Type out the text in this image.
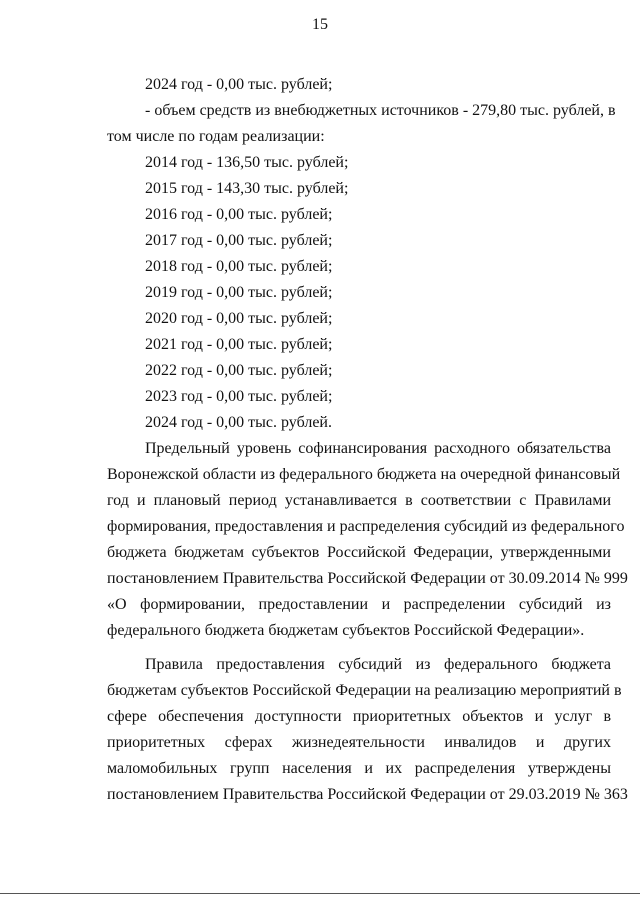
15
2024 год - 0,00 тыс. рублей;
- объем средств из внебюджетных источников - 279,80 тыс. рублей, в
том числе по годам реализации:
2014 год - 136,50 тыс. рублей;
2015 год - 143,30 тыс. рублей;
2016 год - 0,00 тыс. рублей;
2017 год - 0,00 тыс. рублей;
2018 год - 0,00 тыс. рублей;
2019 год - 0,00 тыс. рублей;
2020 год - 0,00 тыс. рублей;
2021 год - 0,00 тыс. рублей;
2022 год - 0,00 тыс. рублей;
2023 год - 0,00 тыс. рублей;
2024 год - 0,00 тыс. рублей.
Предельный уровень софинансирования расходного обязательства
Воронежской области из федерального бюджета на очередной финансовый
год и плановый период устанавливается в соответствии с Правилами
формирования, предоставления и распределения субсидий из федерального
бюджета бюджетам субъектов Российской Федерации, утвержденными
постановлением Правительства Российской Федерации от 30.09.2014 № 999
«О формировании, предоставлении и распределении субсидий из
федерального бюджета бюджетам субъектов Российской Федерации».
Правила предоставления субсидий из федерального бюджета
бюджетам субъектов Российской Федерации на реализацию мероприятий в
сфере обеспечения доступности приоритетных объектов и услуг в
приоритетных сферах жизнедеятельности инвалидов и других
маломобильных групп населения и их распределения утверждены
постановлением Правительства Российской Федерации от 29.03.2019 № 363
